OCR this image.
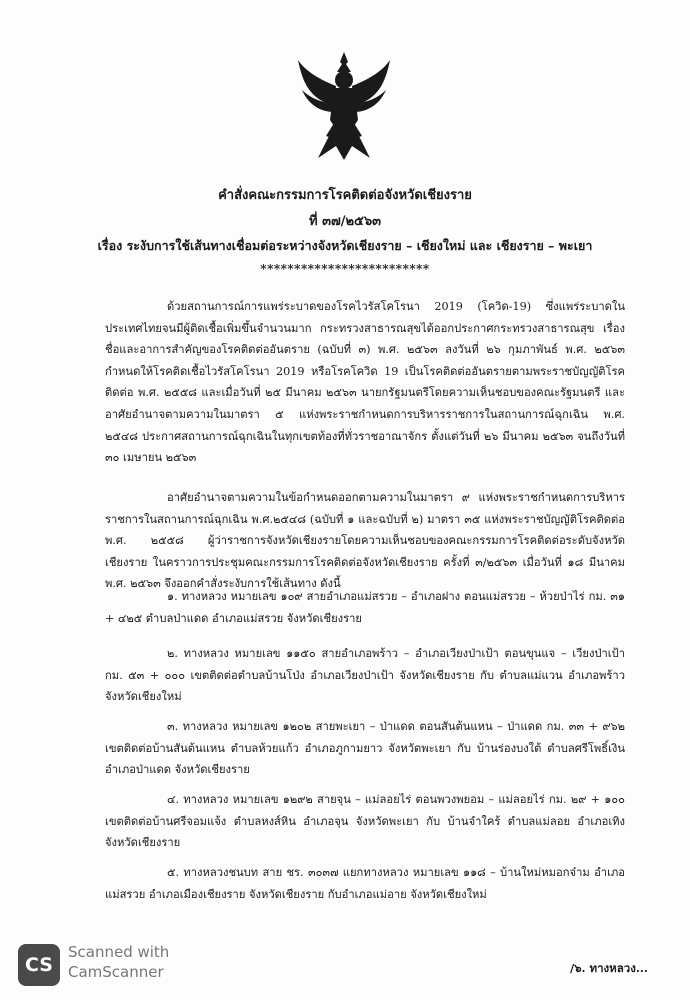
คำสั่งคณะกรรมการโรคติดต่อจังหวัดเชียงราย
ที่ ๓๗/๒๕๖๓
เรื่อง ระงับการใช้เส้นทางเชื่อมต่อระหว่างจังหวัดเชียงราย – เชียงใหม่ และ เชียงราย – พะเยา
*************************
ด้วยสถานการณ์การแพร่ระบาดของโรคไวรัสโคโรนา 2019 (โควิด-19) ซึ่งแพร่ระบาดในประเทศไทยจนมีผู้ติดเชื้อเพิ่มขึ้นจำนวนมาก กระทรวงสาธารณสุขได้ออกประกาศกระทรวงสาธารณสุข เรื่อง ชื่อและอาการสำคัญของโรคติดต่ออันตราย (ฉบับที่ ๓) พ.ศ. ๒๕๖๓ ลงวันที่ ๒๖ กุมภาพันธ์ พ.ศ. ๒๕๖๓ กำหนดให้โรคติดเชื้อไวรัสโคโรนา 2019 หรือโรคโควิด 19 เป็นโรคติดต่ออันตรายตามพระราชบัญญัติโรคติดต่อ พ.ศ. ๒๕๕๘ และเมื่อวันที่ ๒๕ มีนาคม ๒๕๖๓ นายกรัฐมนตรีโดยความเห็นชอบของคณะรัฐมนตรี และอาศัยอำนาจตามความในมาตรา ๕ แห่งพระราชกำหนดการบริหารราชการในสถานการณ์ฉุกเฉิน พ.ศ. ๒๕๔๘ ประกาศสถานการณ์ฉุกเฉินในทุกเขตท้องที่ทั่วราชอาณาจักร ตั้งแต่วันที่ ๒๖ มีนาคม ๒๕๖๓ จนถึงวันที่ ๓๐ เมษายน ๒๕๖๓
อาศัยอำนาจตามความในข้อกำหนดออกตามความในมาตรา ๙ แห่งพระราชกำหนดการบริหารราชการในสถานการณ์ฉุกเฉิน พ.ศ.๒๕๔๘ (ฉบับที่ ๑ และฉบับที่ ๒) มาตรา ๓๕ แห่งพระราชบัญญัติโรคติดต่อ พ.ศ. ๒๕๕๘ ผู้ว่าราชการจังหวัดเชียงรายโดยความเห็นชอบของคณะกรรมการโรคติดต่อระดับจังหวัดเชียงราย ในคราวการประชุมคณะกรรมการโรคติดต่อจังหวัดเชียงราย ครั้งที่ ๓/๒๕๖๓ เมื่อวันที่ ๑๘ มีนาคม พ.ศ. ๒๕๖๓ จึงออกคำสั่งระงับการใช้เส้นทาง ดังนี้
๑. ทางหลวง หมายเลข ๑๐๙ สายอำเภอแม่สรวย – อำเภอฝาง ตอนแม่สรวย – ห้วยป่าไร่ กม. ๓๑ + ๔๒๕ ตำบลป่าแดด อำเภอแม่สรวย จังหวัดเชียงราย
๒. ทางหลวง หมายเลข ๑๑๕๐ สายอำเภอพร้าว – อำเภอเวียงป่าเป้า ตอนขุนแจ – เวียงป่าเป้า กม. ๕๓ + ๐๐๐ เขตติดต่อตำบลบ้านโป่ง อำเภอเวียงป่าเป้า จังหวัดเชียงราย กับ ตำบลแม่แวน อำเภอพร้าว จังหวัดเชียงใหม่
๓. ทางหลวง หมายเลข ๑๒๐๒ สายพะเยา – ป่าแดด ตอนสันต้นแหน – ป่าแดด กม. ๓๓ + ๙๖๒ เขตติดต่อบ้านสันต้นแหน ตำบลห้วยแก้ว อำเภอภูกามยาว จังหวัดพะเยา กับ บ้านร่องบงใต้ ตำบลศรีโพธิ์เงิน อำเภอป่าแดด จังหวัดเชียงราย
๔. ทางหลวง หมายเลข ๑๒๙๒ สายจุน – แม่ลอยไร่ ตอนพวงพยอม – แม่ลอยไร่ กม. ๒๙ + ๑๐๐ เขตติดต่อบ้านศรีจอมแจ้ง ตำบลหงส์หิน อำเภอจุน จังหวัดพะเยา กับ บ้านจำใคร้ ตำบลแม่ลอย อำเภอเทิง จังหวัดเชียงราย
๕. ทางหลวงชนบท สาย ชร. ๓๐๓๗ แยกทางหลวง หมายเลข ๑๑๘ – บ้านใหม่หมอกจ๋าม อำเภอแม่สรวย อำเภอเมืองเชียงราย จังหวัดเชียงราย กับอำเภอแม่อาย จังหวัดเชียงใหม่
CS
Scanned with
CamScanner	/๖. ทางหลวง...
